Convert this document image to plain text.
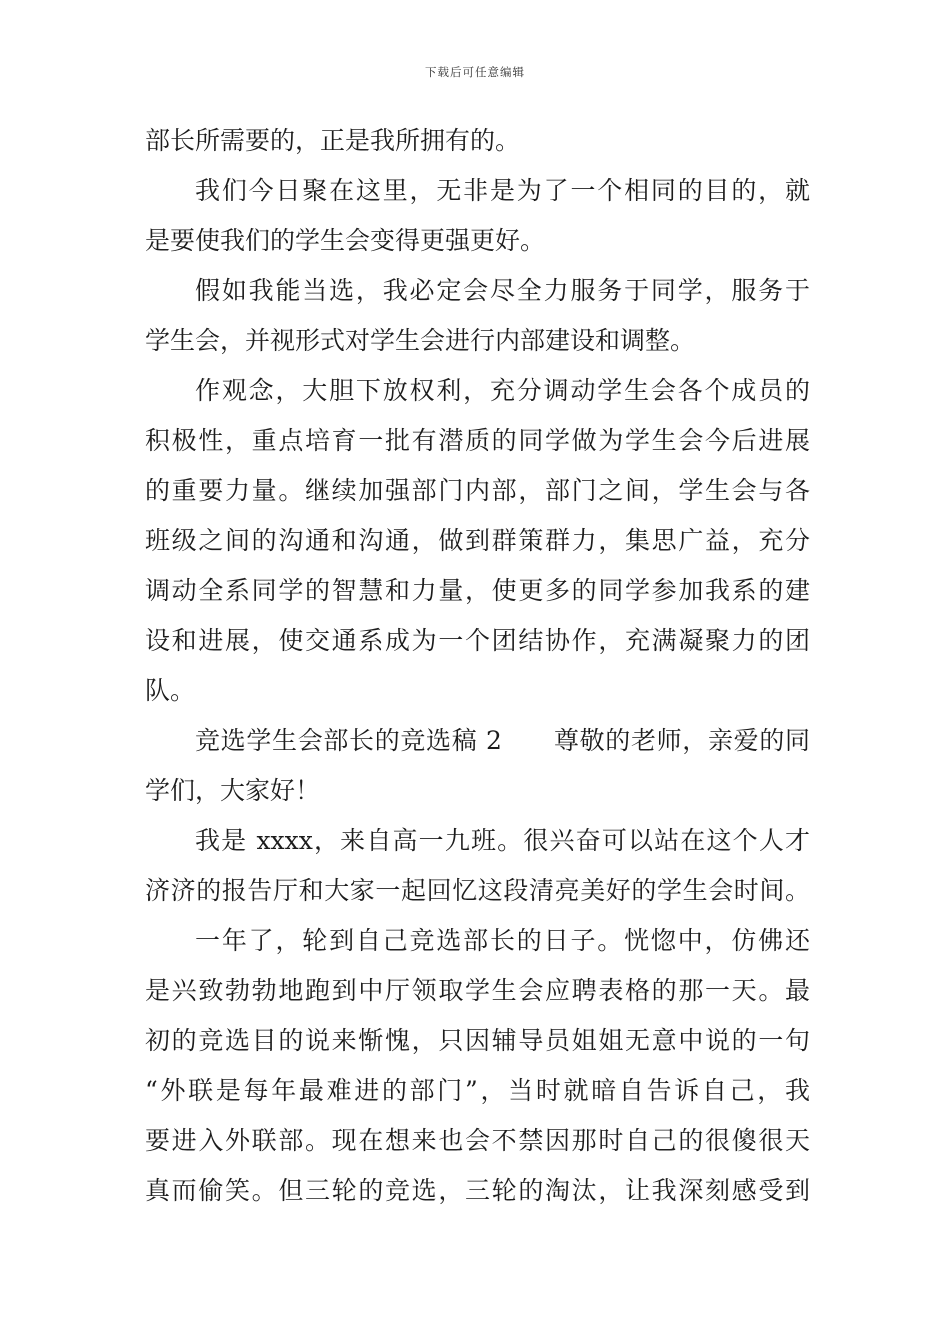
下载后可任意编辑
部长所需要的，正是我所拥有的。
我们今日聚在这里，无非是为了一个相同的目的，就
是要使我们的学生会变得更强更好。
假如我能当选，我必定会尽全力服务于同学，服务于
学生会，并视形式对学生会进行内部建设和调整。
作观念，大胆下放权利，充分调动学生会各个成员的
积极性，重点培育一批有潜质的同学做为学生会今后进展
的重要力量。继续加强部门内部，部门之间，学生会与各
班级之间的沟通和沟通，做到群策群力，集思广益，充分
调动全系同学的智慧和力量，使更多的同学参加我系的建
设和进展，使交通系成为一个团结协作，充满凝聚力的团
队。
竞选学生会部长的竞选稿 2　　尊敬的老师，亲爱的同
学们，大家好！
我是 xxxx，来自高一九班。很兴奋可以站在这个人才
济济的报告厅和大家一起回忆这段清亮美好的学生会时间。
一年了，轮到自己竞选部长的日子。恍惚中，仿佛还
是兴致勃勃地跑到中厅领取学生会应聘表格的那一天。最
初的竞选目的说来惭愧，只因辅导员姐姐无意中说的一句
“外联是每年最难进的部门”，当时就暗自告诉自己，我
要进入外联部。现在想来也会不禁因那时自己的很傻很天
真而偷笑。但三轮的竞选，三轮的淘汰，让我深刻感受到
